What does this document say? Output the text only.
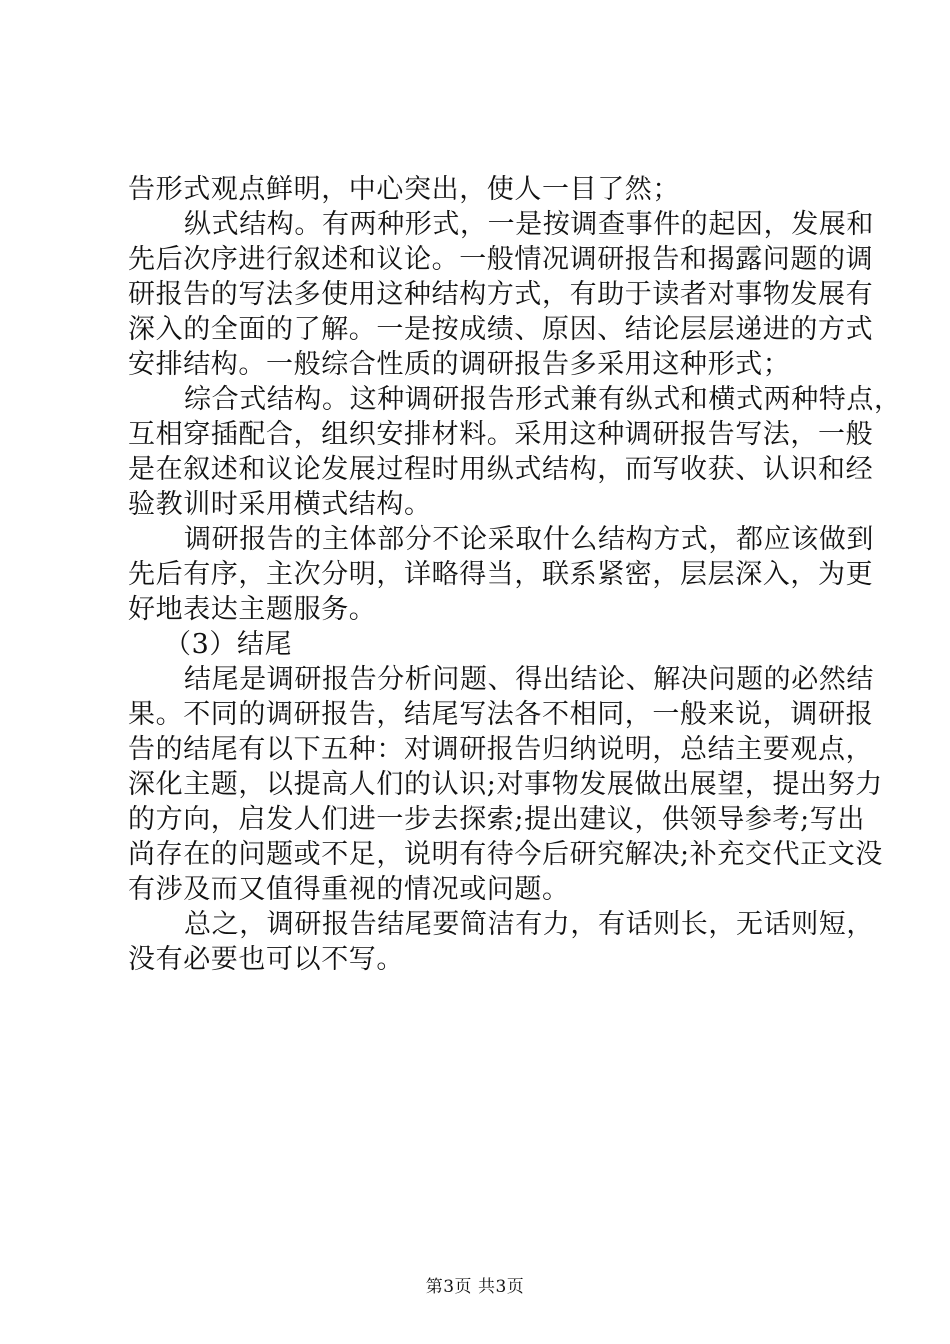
告形式观点鲜明，中心突出，使人一目了然；
纵式结构。有两种形式，一是按调查事件的起因，发展和
先后次序进行叙述和议论。一般情况调研报告和揭露问题的调
研报告的写法多使用这种结构方式，有助于读者对事物发展有
深入的全面的了解。一是按成绩、原因、结论层层递进的方式
安排结构。一般综合性质的调研报告多采用这种形式；
综合式结构。这种调研报告形式兼有纵式和横式两种特点，
互相穿插配合，组织安排材料。采用这种调研报告写法，一般
是在叙述和议论发展过程时用纵式结构，而写收获、认识和经
验教训时采用横式结构。
调研报告的主体部分不论采取什么结构方式，都应该做到
先后有序，主次分明，详略得当，联系紧密，层层深入，为更
好地表达主题服务。
（3）结尾
结尾是调研报告分析问题、得出结论、解决问题的必然结
果。不同的调研报告，结尾写法各不相同，一般来说，调研报
告的结尾有以下五种：对调研报告归纳说明，总结主要观点，
深化主题，以提高人们的认识;对事物发展做出展望，提出努力
的方向，启发人们进一步去探索;提出建议，供领导参考;写出
尚存在的问题或不足，说明有待今后研究解决;补充交代正文没
有涉及而又值得重视的情况或问题。
总之，调研报告结尾要简洁有力，有话则长，无话则短，
没有必要也可以不写。
第3页 共3页
